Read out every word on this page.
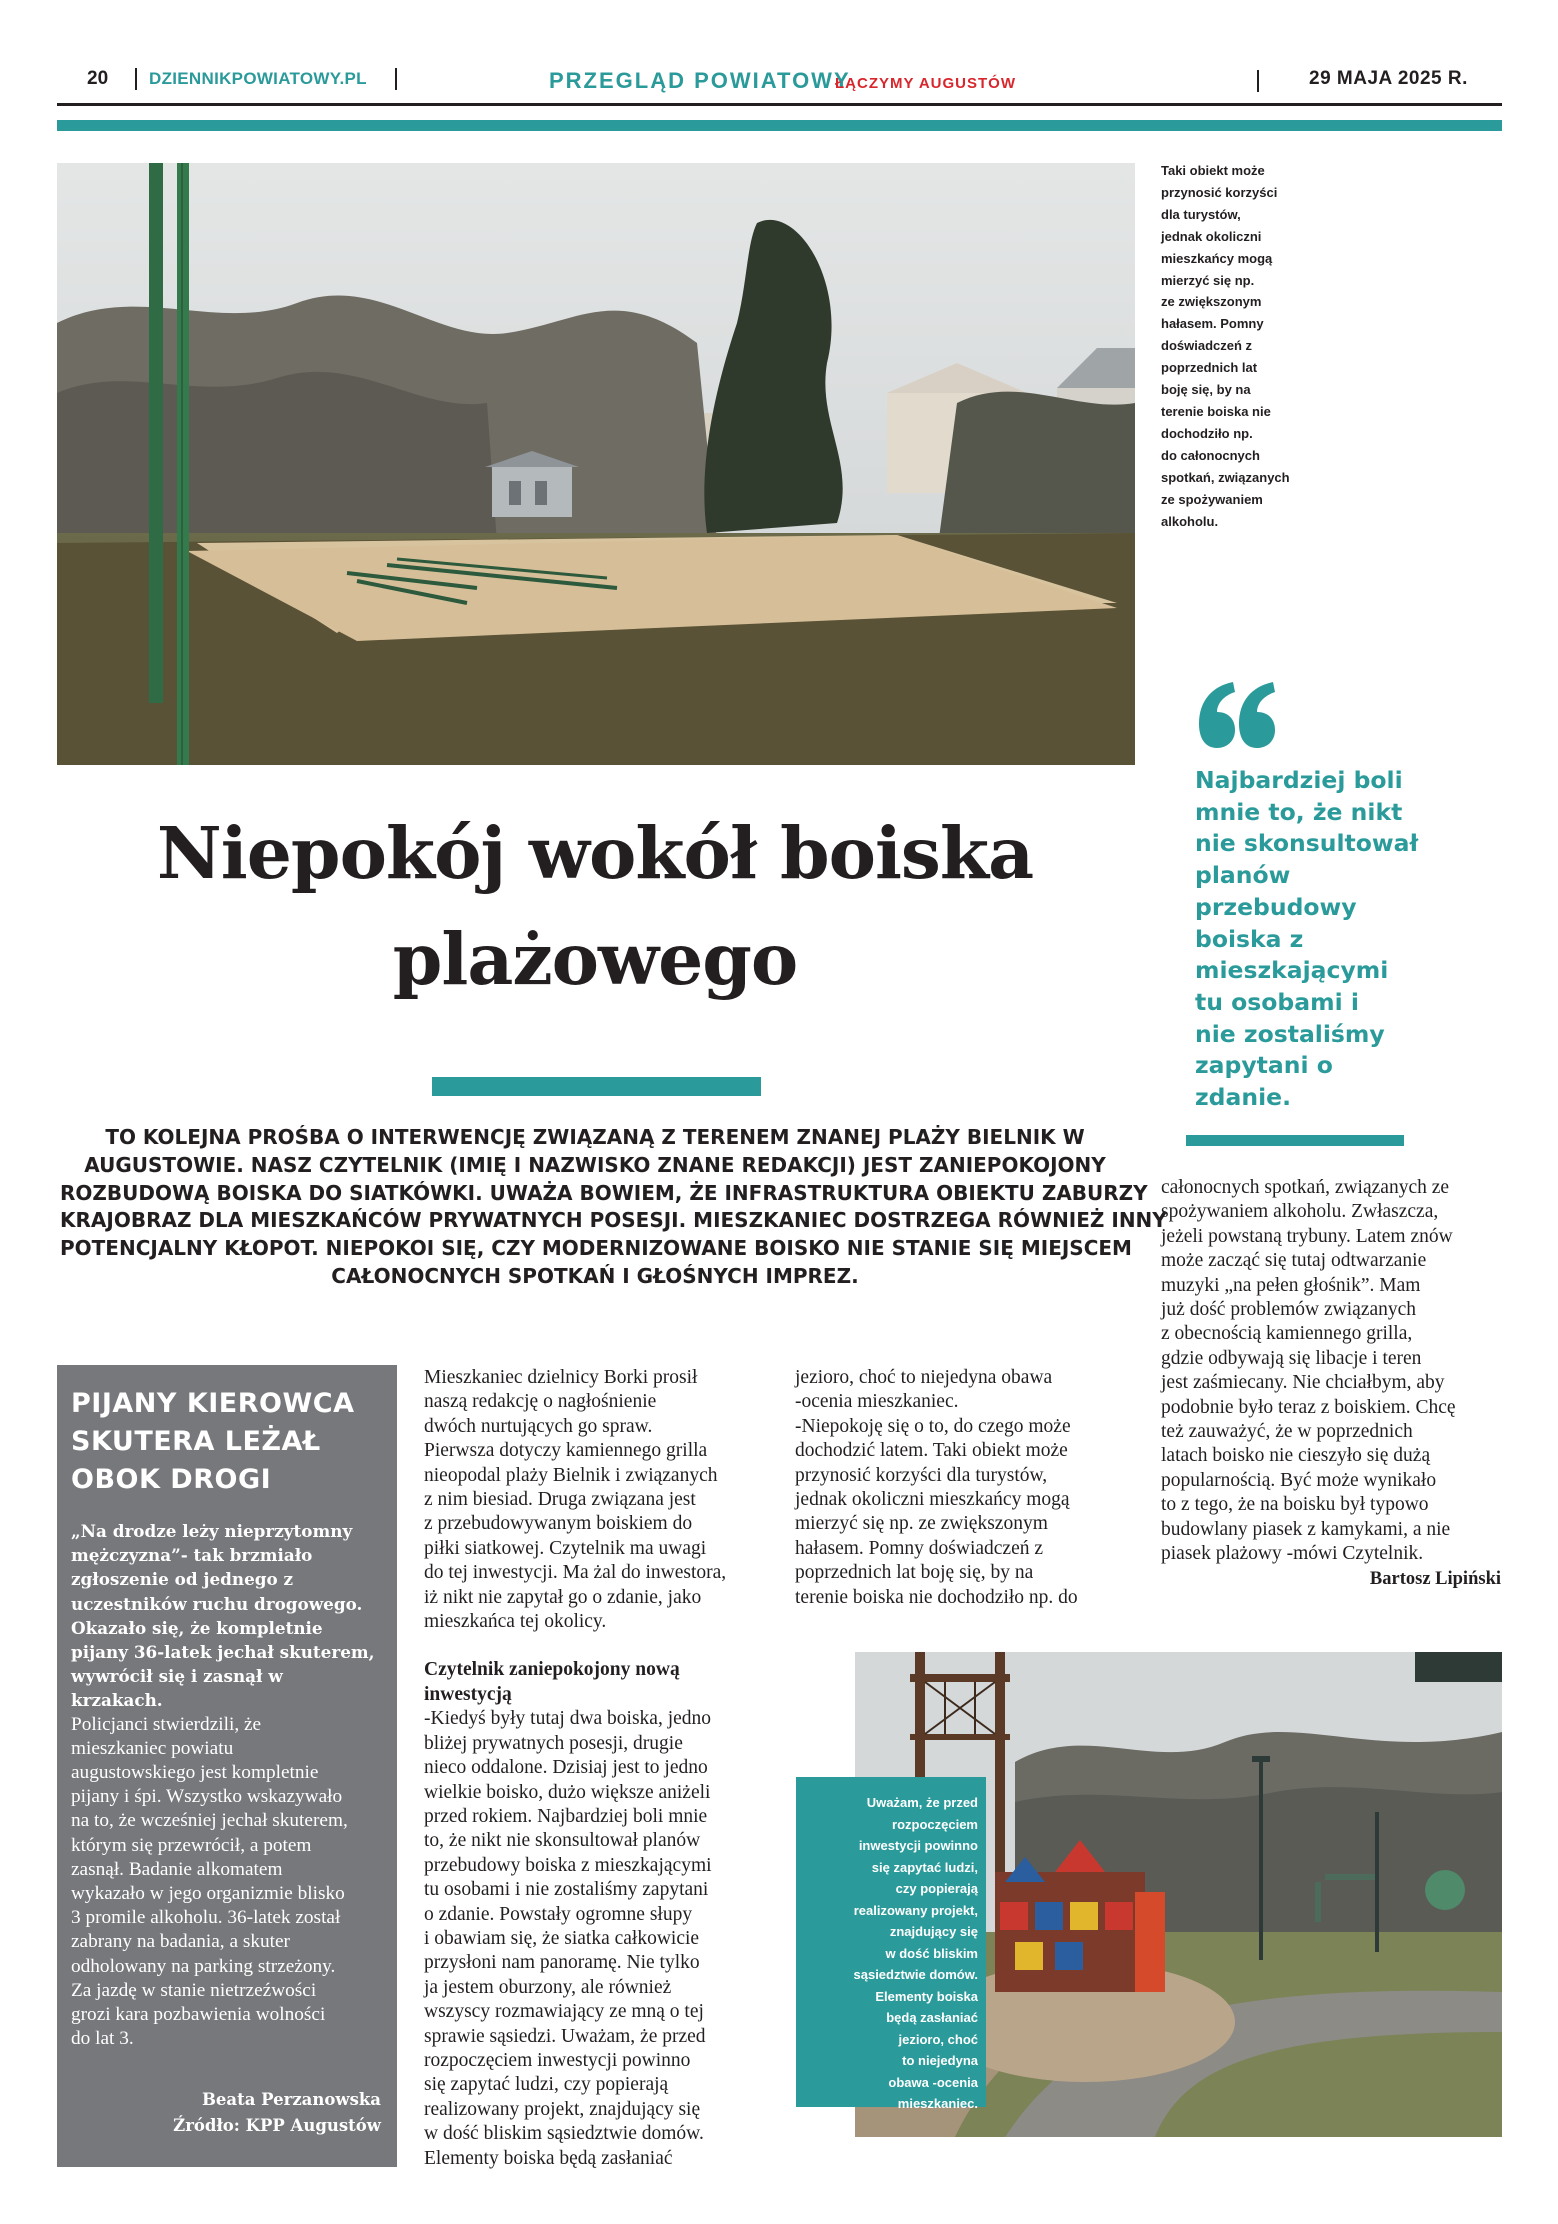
20 DZIENNIKPOWIATOWY.PL	PRZEGLĄD POWIATOWY
ŁĄCZYMY AUGUSTÓW	29 MAJA 2025 R.
Taki obiekt może
przynosić korzyści
dla turystów,
jednak okoliczni
mieszkańcy mogą
mierzyć się np.
ze zwiększonym
hałasem. Pomny
doświadczeń z
poprzednich lat
boję się, by na
terenie boiska nie
dochodziło np.
do całonocnych
spotkań, związanych
ze spożywaniem
alkoholu.
Najbardziej boli
mnie to, że nikt
nie skonsultował
planów
przebudowy
boiska z
mieszkającymi
tu osobami i
nie zostaliśmy
zapytani o
zdanie.
Niepokój wokół boiska
plażowego
TO KOLEJNA PROŚBA O INTERWENCJĘ ZWIĄZANĄ Z TERENEM ZNANEJ PLAŻY BIELNIK W
AUGUSTOWIE. NASZ CZYTELNIK (IMIĘ I NAZWISKO ZNANE REDAKCJI) JEST ZANIEPOKOJONY
ROZBUDOWĄ BOISKA DO SIATKÓWKI. UWAŻA BOWIEM, ŻE INFRASTRUKTURA OBIEKTU ZABURZY
KRAJOBRAZ DLA MIESZKAŃCÓW PRYWATNYCH POSESJI. MIESZKANIEC DOSTRZEGA RÓWNIEŻ INNY
POTENCJALNY KŁOPOT. NIEPOKOI SIĘ, CZY MODERNIZOWANE BOISKO NIE STANIE SIĘ MIEJSCEM
CAŁONOCNYCH SPOTKAŃ I GŁOŚNYCH IMPREZ.
PIJANY KIEROWCA
SKUTERA LEŻAŁ
OBOK DROGI
„Na drodze leży nieprzytomny
mężczyzna”- tak brzmiało
zgłoszenie od jednego z
uczestników ruchu drogowego.
Okazało się, że kompletnie
pijany 36-latek jechał skuterem,
wywrócił się i zasnął w
krzakach.
Policjanci stwierdzili, że
mieszkaniec powiatu
augustowskiego jest kompletnie
pijany i śpi. Wszystko wskazywało
na to, że wcześniej jechał skuterem,
którym się przewrócił, a potem
zasnął. Badanie alkomatem
wykazało w jego organizmie blisko
3 promile alkoholu. 36-latek został
zabrany na badania, a skuter
odholowany na parking strzeżony.
Za jazdę w stanie nietrzeźwości
grozi kara pozbawienia wolności
do lat 3.
Beata Perzanowska
Źródło: KPP Augustów
Mieszkaniec dzielnicy Borki prosił
naszą redakcję o nagłośnienie
dwóch nurtujących go spraw.
Pierwsza dotyczy kamiennego grilla
nieopodal plaży Bielnik i związanych
z nim biesiad. Druga związana jest
z przebudowywanym boiskiem do
piłki siatkowej. Czytelnik ma uwagi
do tej inwestycji. Ma żal do inwestora,
iż nikt nie zapytał go o zdanie, jako
mieszkańca tej okolicy.
Czytelnik zaniepokojony nową
inwestycją
-Kiedyś były tutaj dwa boiska, jedno
bliżej prywatnych posesji, drugie
nieco oddalone. Dzisiaj jest to jedno
wielkie boisko, dużo większe aniżeli
przed rokiem. Najbardziej boli mnie
to, że nikt nie skonsultował planów
przebudowy boiska z mieszkającymi
tu osobami i nie zostaliśmy zapytani
o zdanie. Powstały ogromne słupy
i obawiam się, że siatka całkowicie
przysłoni nam panoramę. Nie tylko
ja jestem oburzony, ale również
wszyscy rozmawiający ze mną o tej
sprawie sąsiedzi. Uważam, że przed
rozpoczęciem inwestycji powinno
się zapytać ludzi, czy popierają
realizowany projekt, znajdujący się
w dość bliskim sąsiedztwie domów.
Elementy boiska będą zasłaniać
jezioro, choć to niejedyna obawa
-ocenia mieszkaniec.
-Niepokoję się o to, do czego może
dochodzić latem. Taki obiekt może
przynosić korzyści dla turystów,
jednak okoliczni mieszkańcy mogą
mierzyć się np. ze zwiększonym
hałasem. Pomny doświadczeń z
poprzednich lat boję się, by na
terenie boiska nie dochodziło np. do
całonocnych spotkań, związanych ze
spożywaniem alkoholu. Zwłaszcza,
jeżeli powstaną trybuny. Latem znów
może zacząć się tutaj odtwarzanie
muzyki „na pełen głośnik”. Mam
już dość problemów związanych
z obecnością kamiennego grilla,
gdzie odbywają się libacje i teren
jest zaśmiecany. Nie chciałbym, aby
podobnie było teraz z boiskiem. Chcę
też zauważyć, że w poprzednich
latach boisko nie cieszyło się dużą
popularnością. Być może wynikało
to z tego, że na boisku był typowo
budowlany piasek z kamykami, a nie
piasek plażowy -mówi Czytelnik.
Bartosz Lipiński
Uważam, że przed
rozpoczęciem
inwestycji powinno
się zapytać ludzi,
czy popierają
realizowany projekt,
znajdujący się
w dość bliskim
sąsiedztwie domów.
Elementy boiska
będą zasłaniać
jezioro, choć
to niejedyna
obawa -ocenia
mieszkaniec.
